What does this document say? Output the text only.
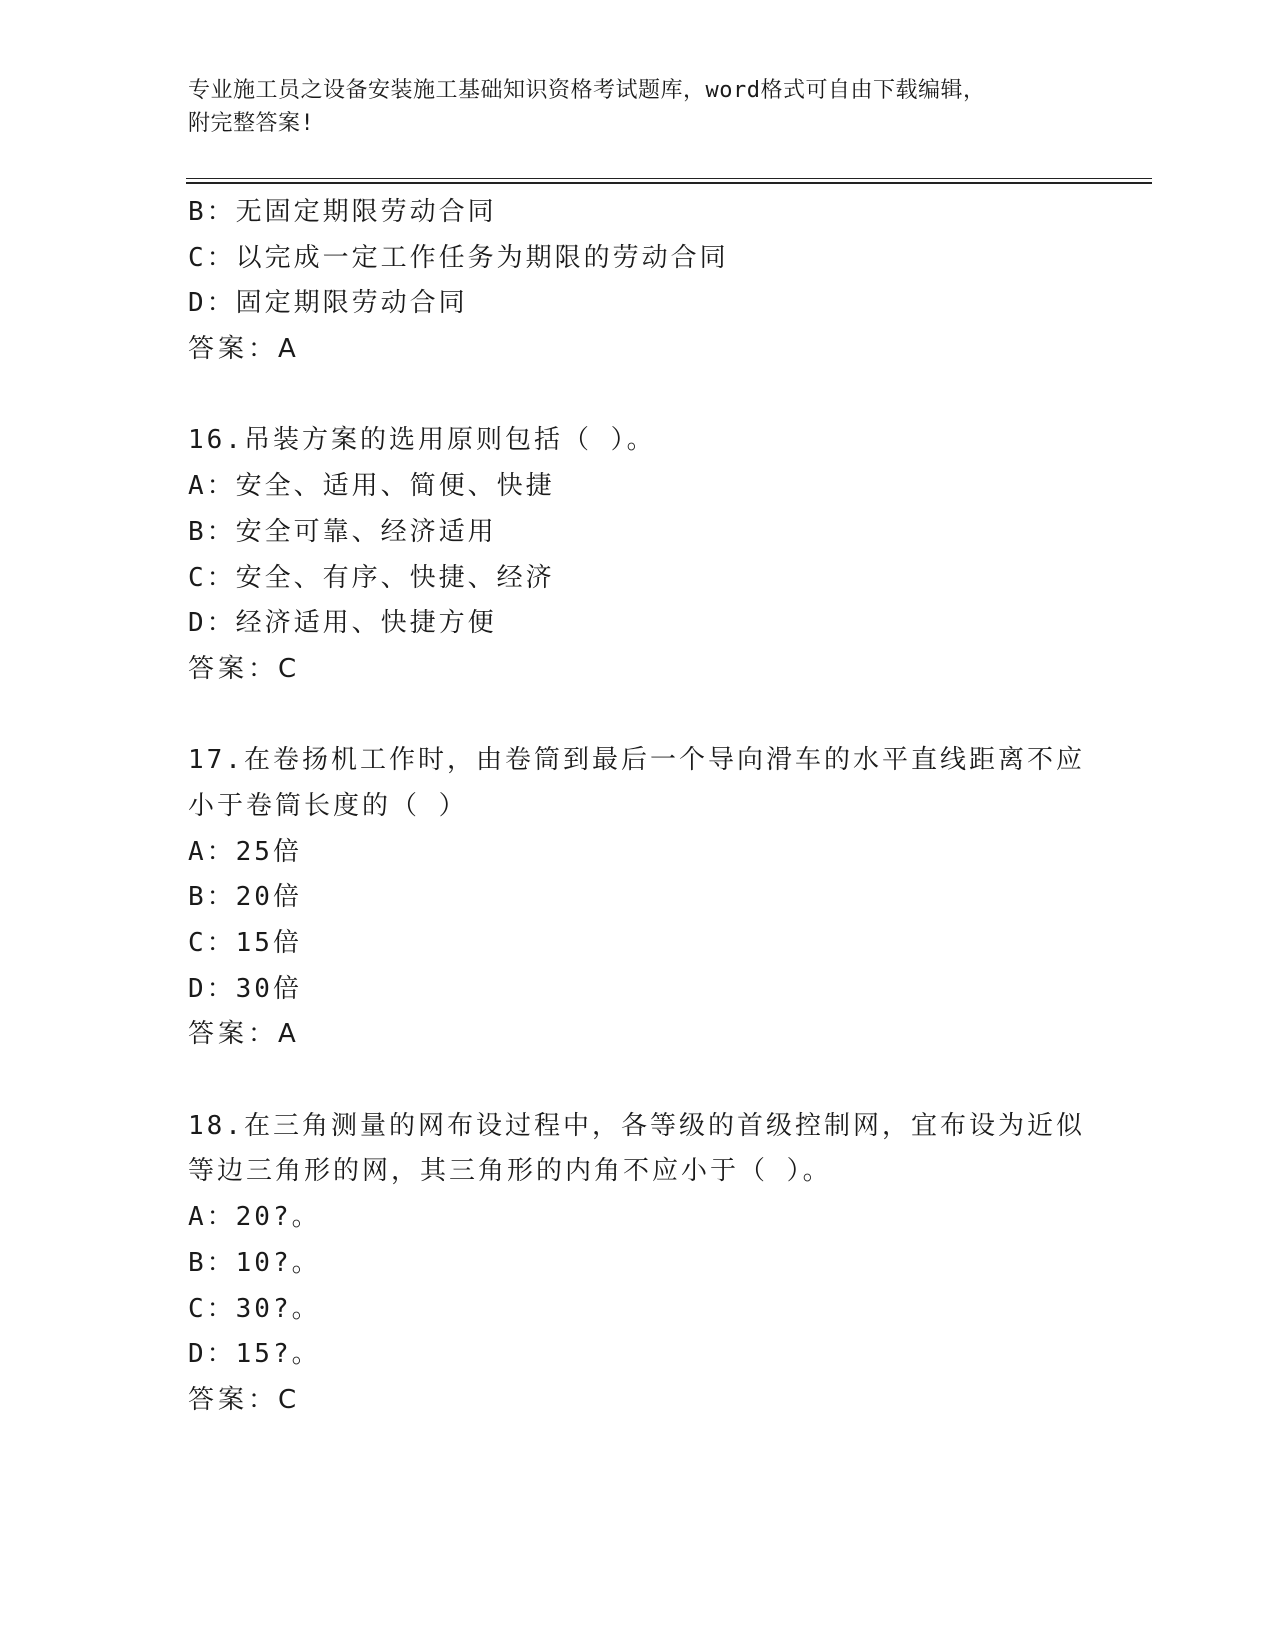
专业施工员之设备安装施工基础知识资格考试题库，word格式可自由下载编辑，
附完整答案!
B：无固定期限劳动合同
C：以完成一定工作任务为期限的劳动合同
D：固定期限劳动合同
答案：A
16.吊装方案的选用原则包括（ ）。
A：安全、适用、简便、快捷
B：安全可靠、经济适用
C：安全、有序、快捷、经济
D：经济适用、快捷方便
答案：C
17.在卷扬机工作时，由卷筒到最后一个导向滑车的水平直线距离不应
小于卷筒长度的（ ）
A：25倍
B：20倍
C：15倍
D：30倍
答案：A
18.在三角测量的网布设过程中，各等级的首级控制网，宜布设为近似
等边三角形的网，其三角形的内角不应小于（ ）。
A：20?。
B：10?。
C：30?。
D：15?。
答案：C
